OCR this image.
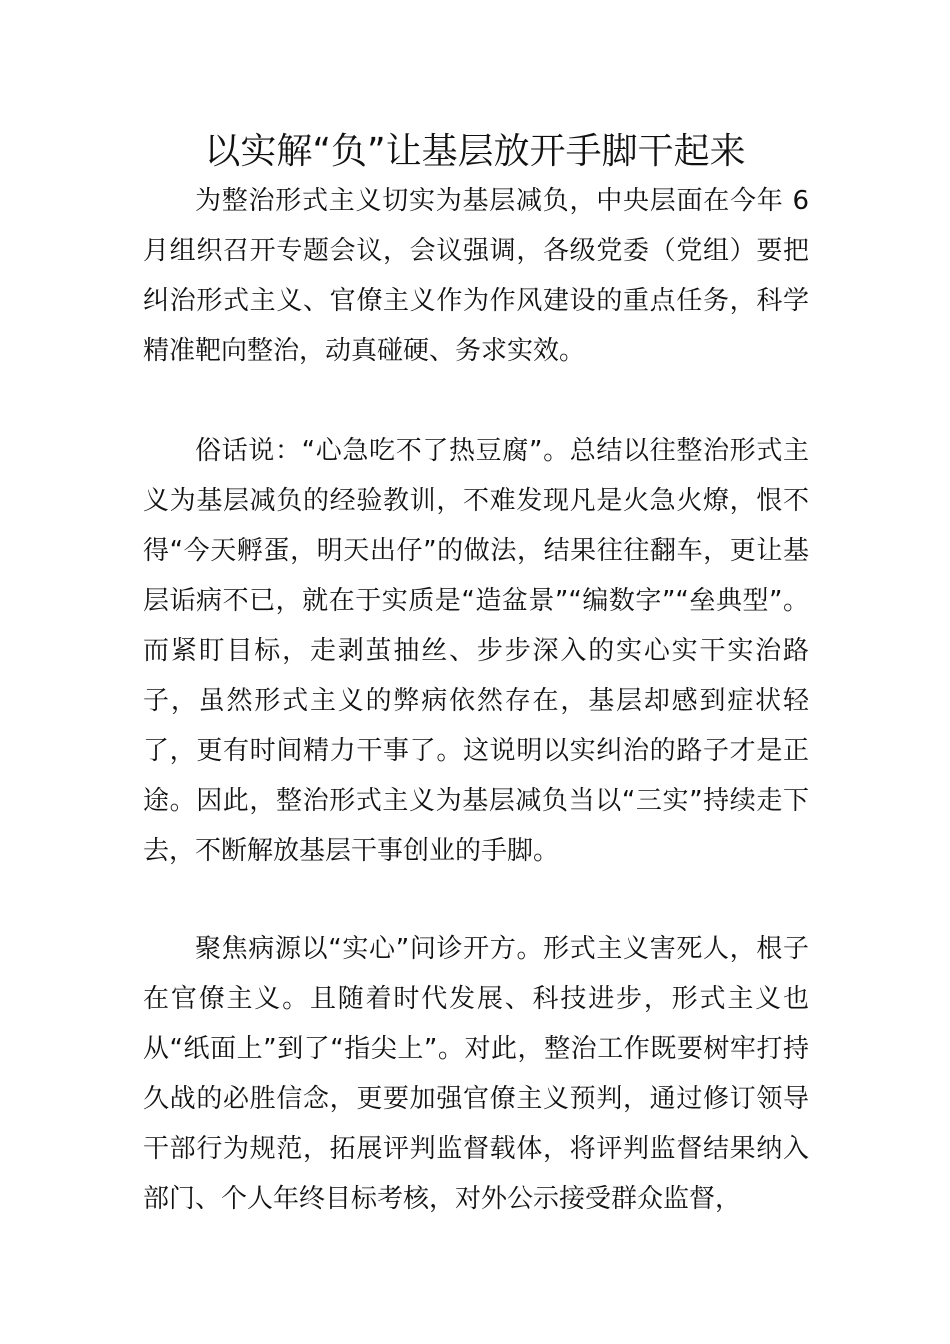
以实解“负”让基层放开手脚干起来

为整治形式主义切实为基层减负，中央层面在今年 6 月组织召开专题会议，会议强调，各级党委（党组）要把纠治形式主义、官僚主义作为作风建设的重点任务，科学精准靶向整治，动真碰硬、务求实效。

俗话说：“心急吃不了热豆腐”。总结以往整治形式主义为基层减负的经验教训，不难发现凡是火急火燎，恨不得“今天孵蛋，明天出仔”的做法，结果往往翻车，更让基层诟病不已，就在于实质是“造盆景”“编数字”“垒典型”。而紧盯目标，走剥茧抽丝、步步深入的实心实干实治路子，虽然形式主义的弊病依然存在，基层却感到症状轻了，更有时间精力干事了。这说明以实纠治的路子才是正途。因此，整治形式主义为基层减负当以“三实”持续走下去，不断解放基层干事创业的手脚。

聚焦病源以“实心”问诊开方。形式主义害死人，根子在官僚主义。且随着时代发展、科技进步，形式主义也从“纸面上”到了“指尖上”。对此，整治工作既要树牢打持久战的必胜信念，更要加强官僚主义预判，通过修订领导干部行为规范，拓展评判监督载体，将评判监督结果纳入部门、个人年终目标考核，对外公示接受群众监督，
